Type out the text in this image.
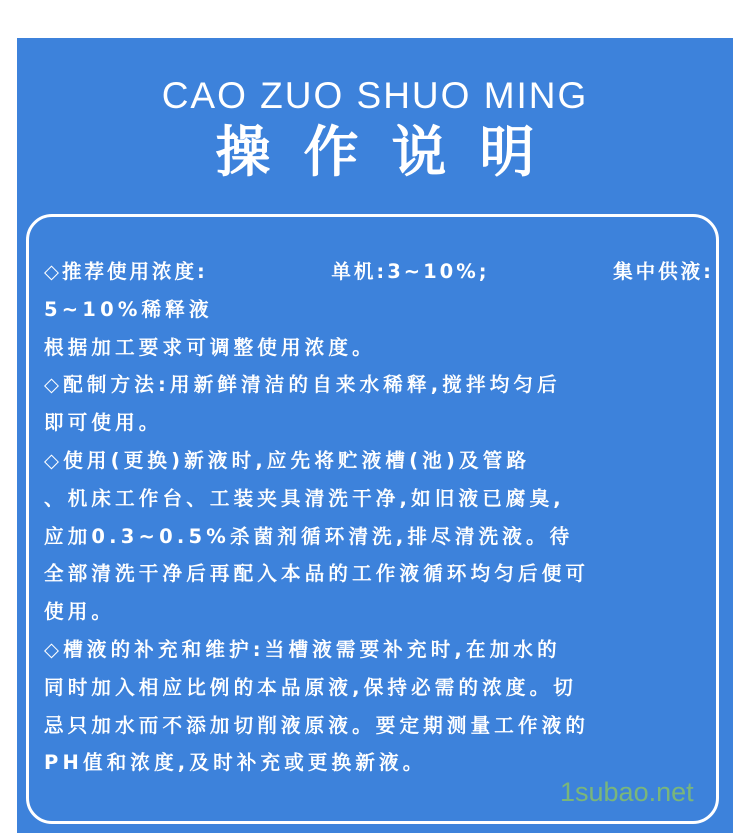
CAO ZUO SHUO MING
操作说明
◇推荐使用浓度:	单机:3~10%;	集中供液:
5~10%稀释液
根据加工要求可调整使用浓度。
◇配制方法:用新鲜清洁的自来水稀释,搅拌均匀后
即可使用。
◇使用(更换)新液时,应先将贮液槽(池)及管路
、机床工作台、工装夹具清洗干净,如旧液已腐臭,
应加0.3~0.5%杀菌剂循环清洗,排尽清洗液。待
全部清洗干净后再配入本品的工作液循环均匀后便可
使用。
◇槽液的补充和维护:当槽液需要补充时,在加水的
同时加入相应比例的本品原液,保持必需的浓度。切
忌只加水而不添加切削液原液。要定期测量工作液的
PH值和浓度,及时补充或更换新液。
1subao.net
